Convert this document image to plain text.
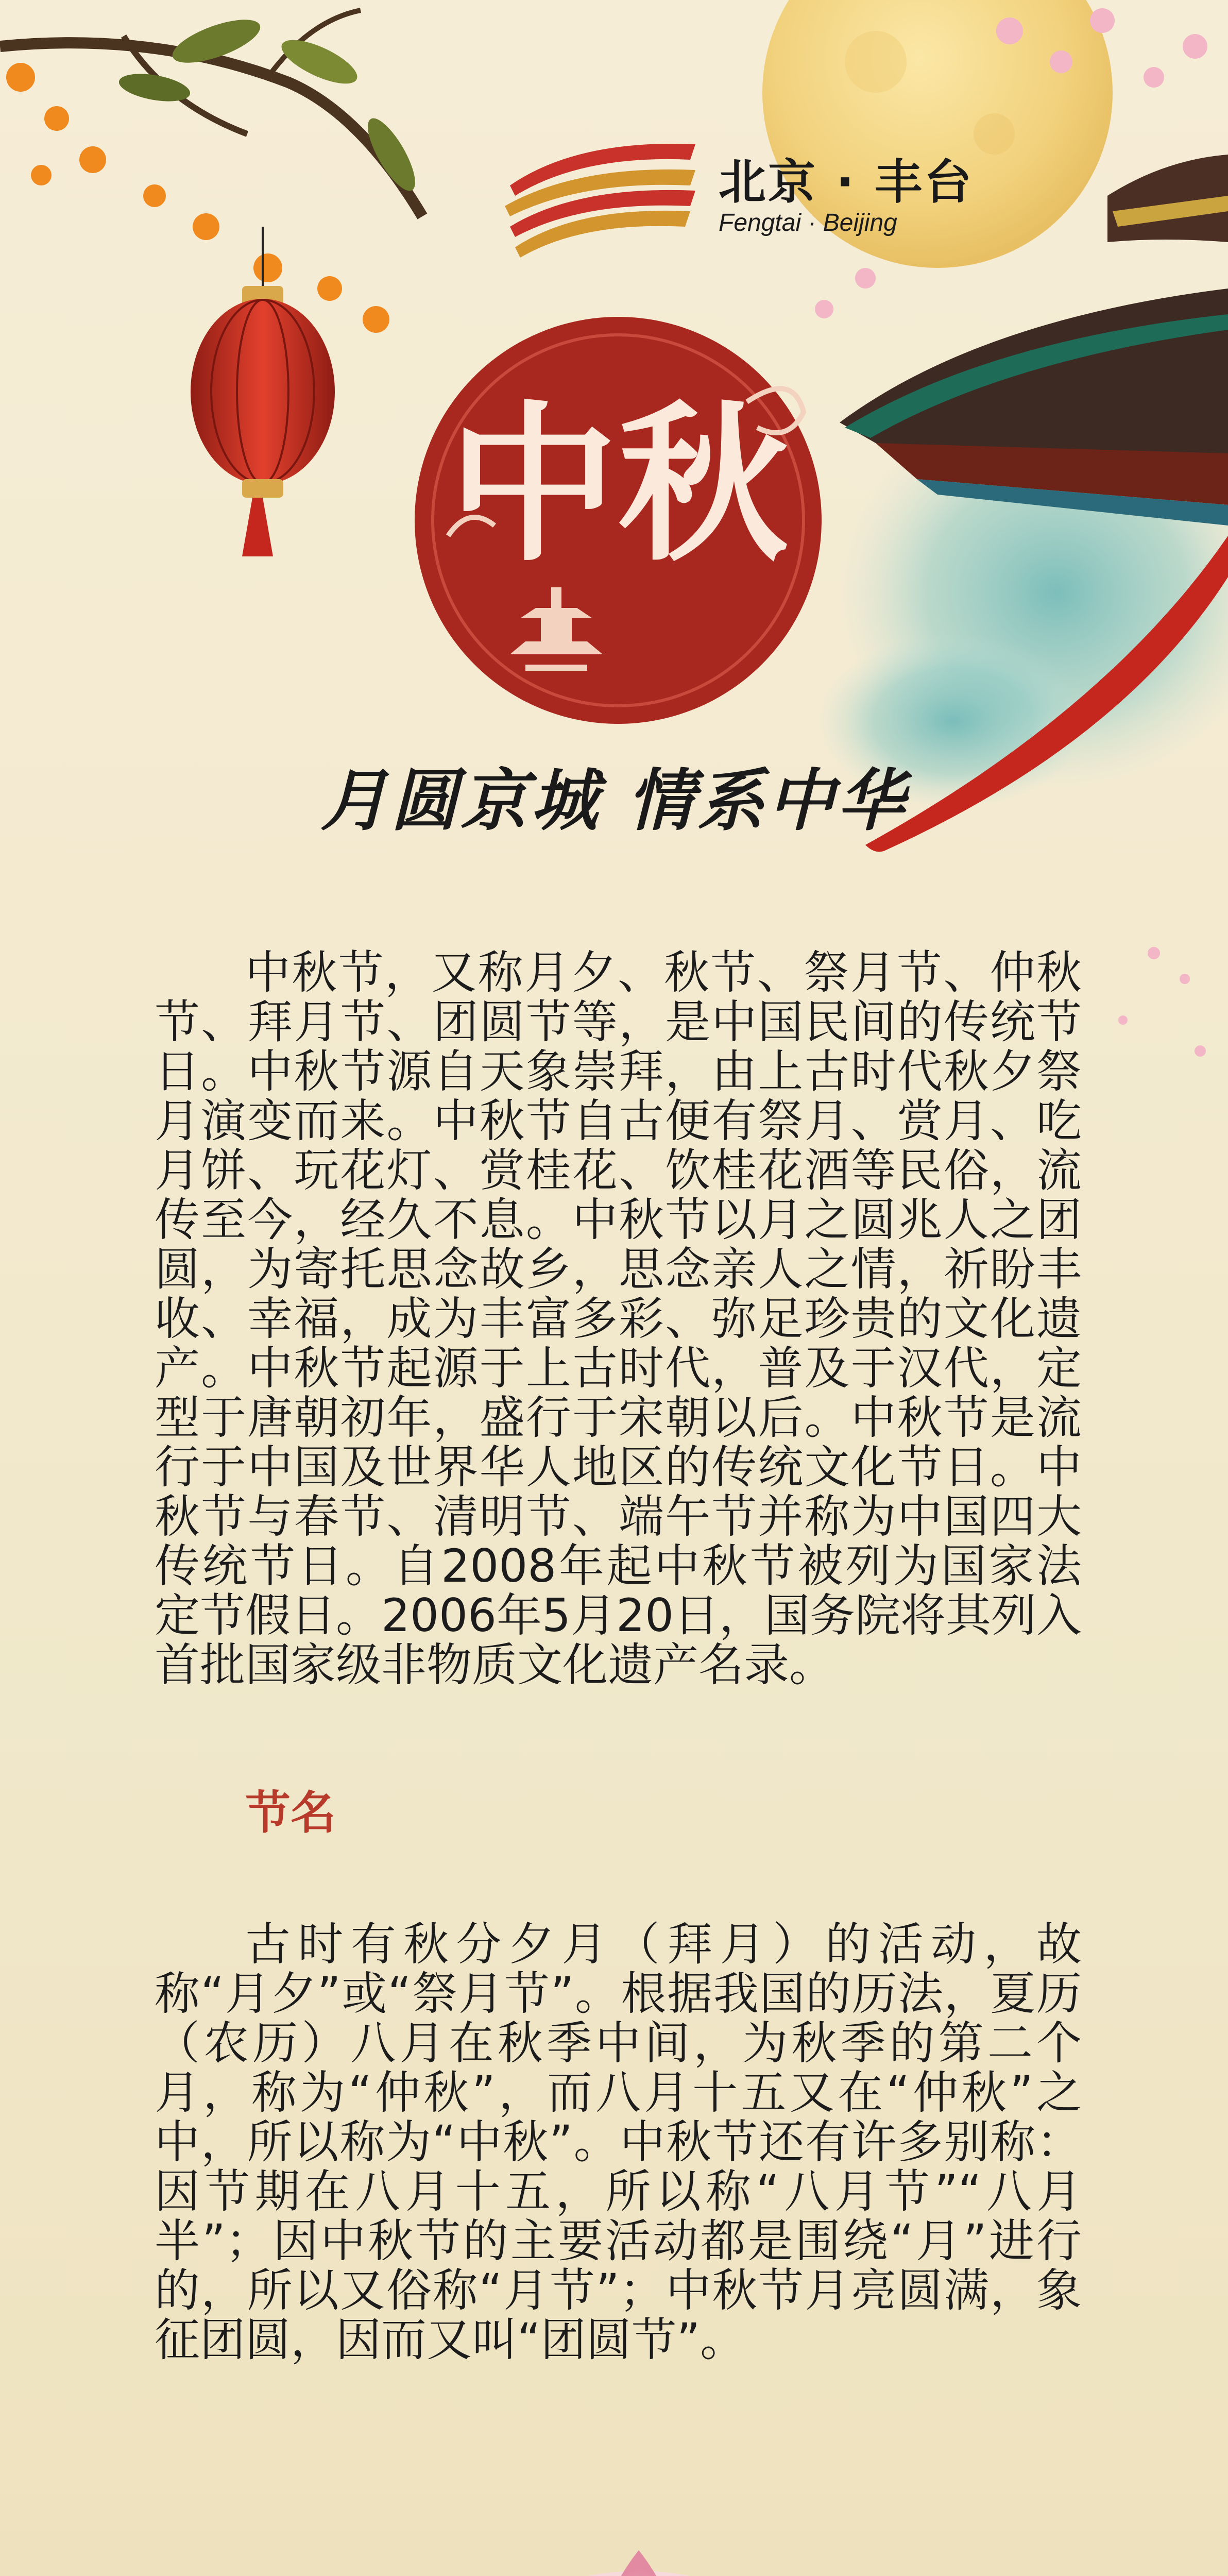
北京 · 丰台
Fengtai · Beijing
中秋
月圆京城 情系中华

中秋节，又称月夕、秋节、祭月节、仲秋节、拜月节、团圆节等，是中国民间的传统节日。中秋节源自天象崇拜，由上古时代秋夕祭月演变而来。中秋节自古便有祭月、赏月、吃月饼、玩花灯、赏桂花、饮桂花酒等民俗，流传至今，经久不息。中秋节以月之圆兆人之团圆，为寄托思念故乡，思念亲人之情，祈盼丰收、幸福，成为丰富多彩、弥足珍贵的文化遗产。中秋节起源于上古时代，普及于汉代，定型于唐朝初年，盛行于宋朝以后。中秋节是流行于中国及世界华人地区的传统文化节日。中秋节与春节、清明节、端午节并称为中国四大传统节日。自2008年起中秋节被列为国家法定节假日。2006年5月20日，国务院将其列入首批国家级非物质文化遗产名录。

节名

古时有秋分夕月（拜月）的活动，故称“月夕”或“祭月节”。根据我国的历法，夏历（农历）八月在秋季中间，为秋季的第二个月，称为“仲秋”，而八月十五又在“仲秋”之中，所以称为“中秋”。中秋节还有许多别称：因节期在八月十五，所以称“八月节”“八月半”；因中秋节的主要活动都是围绕“月”进行的，所以又俗称“月节”；中秋节月亮圆满，象征团圆，因而又叫“团圆节”。
